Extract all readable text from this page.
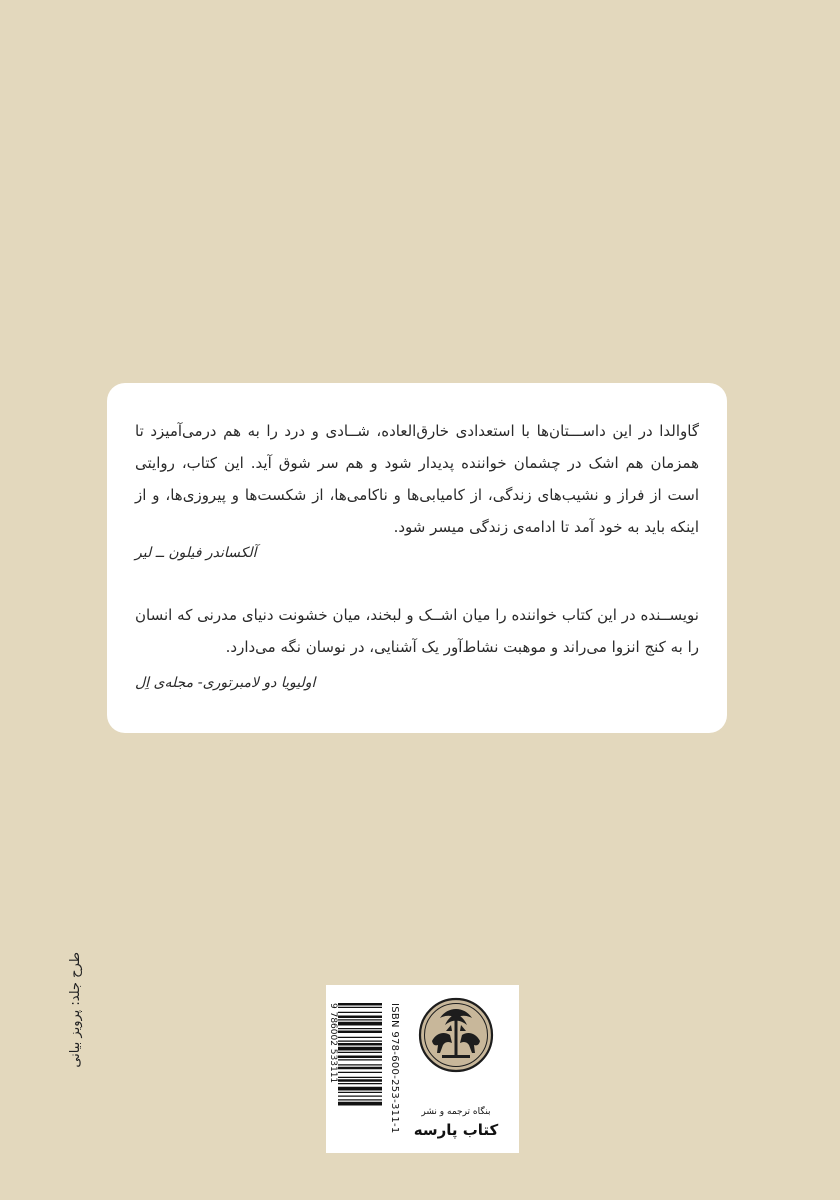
گاوالدا در این داســـتان‌ها با استعدادی خارق‌العاده، شــادی و درد را به هم درمی‌آمیزد تا همزمان هم اشک در چشمان خواننده پدیدار شود و هم سر شوق آید. این کتاب، روایتی است از فراز و نشیب‌های زندگی، از کامیابی‌ها و ناکامی‌ها، از شکست‌ها و پیروزی‌ها، و از اینکه باید به خود آمد تا ادامه‌ی زندگی میسر شود.

آلکساندر فیلون ــ لیر

نویســنده در این کتاب خواننده را میان اشــک و لبخند، میان خشونت دنیای مدرنی که انسان را به کنج انزوا می‌راند و موهبت نشاط‌آور یک آشنایی، در نوسان نگه می‌دارد.

اولیویا دو لامبرتوری- مجله‌ی اِل

طرح جلد: پرویز بیانی	9 786002 533111	ISBN 978-600-253-311-1	بنگاه ترجمه و نشر
کتاب پارسه
